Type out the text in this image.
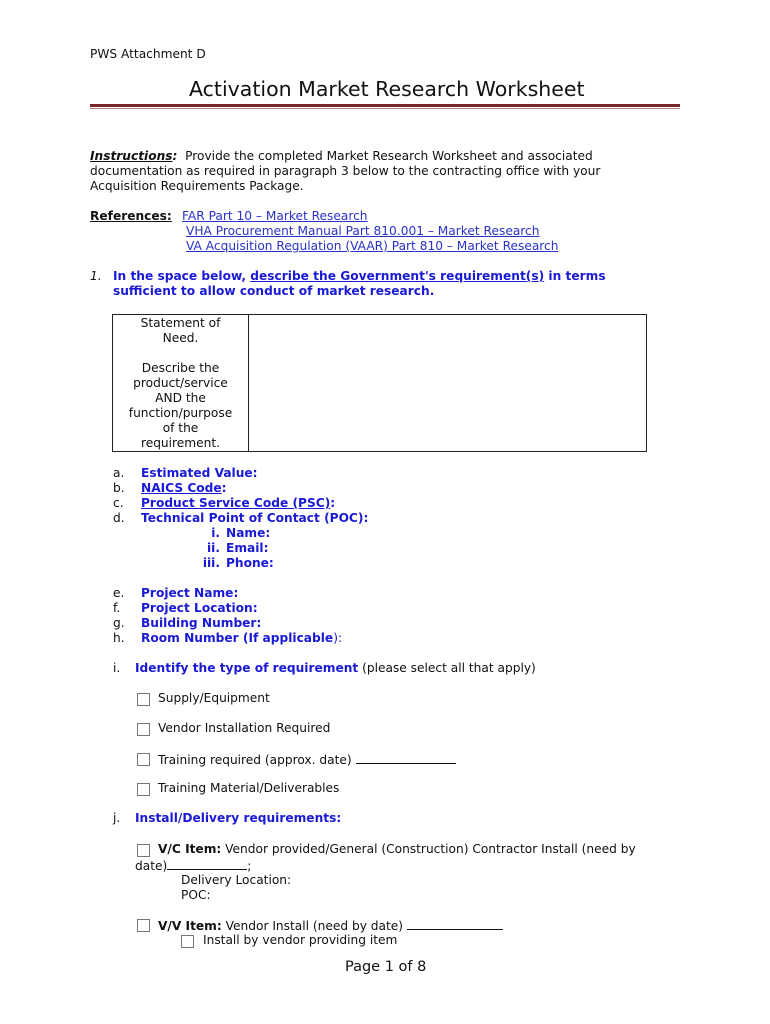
PWS Attachment D
Activation Market Research Worksheet
Instructions: Provide the completed Market Research Worksheet and associated
documentation as required in paragraph 3 below to the contracting office with your
Acquisition Requirements Package.
References: FAR Part 10 – Market Research
VHA Procurement Manual Part 810.001 – Market Research
VA Acquisition Regulation (VAAR) Part 810 – Market Research
1. In the space below, describe the Government's requirement(s) in terms
sufficient to allow conduct of market research.
Statement of
Need.
Describe the
product/service
AND the
function/purpose
of the
requirement.
a. Estimated Value:
b. NAICS Code:
c. Product Service Code (PSC):
d. Technical Point of Contact (POC):
i. Name:
ii. Email:
iii. Phone:
e. Project Name:
f. Project Location:
g. Building Number:
h. Room Number (If applicable):
i. Identify the type of requirement (please select all that apply)
Supply/Equipment
Vendor Installation Required
Training required (approx. date)
Training Material/Deliverables
j. Install/Delivery requirements:
V/C Item: Vendor provided/General (Construction) Contractor Install (need by
date)	;
Delivery Location:
POC:
V/V Item: Vendor Install (need by date)
Install by vendor providing item
Page 1 of 8
